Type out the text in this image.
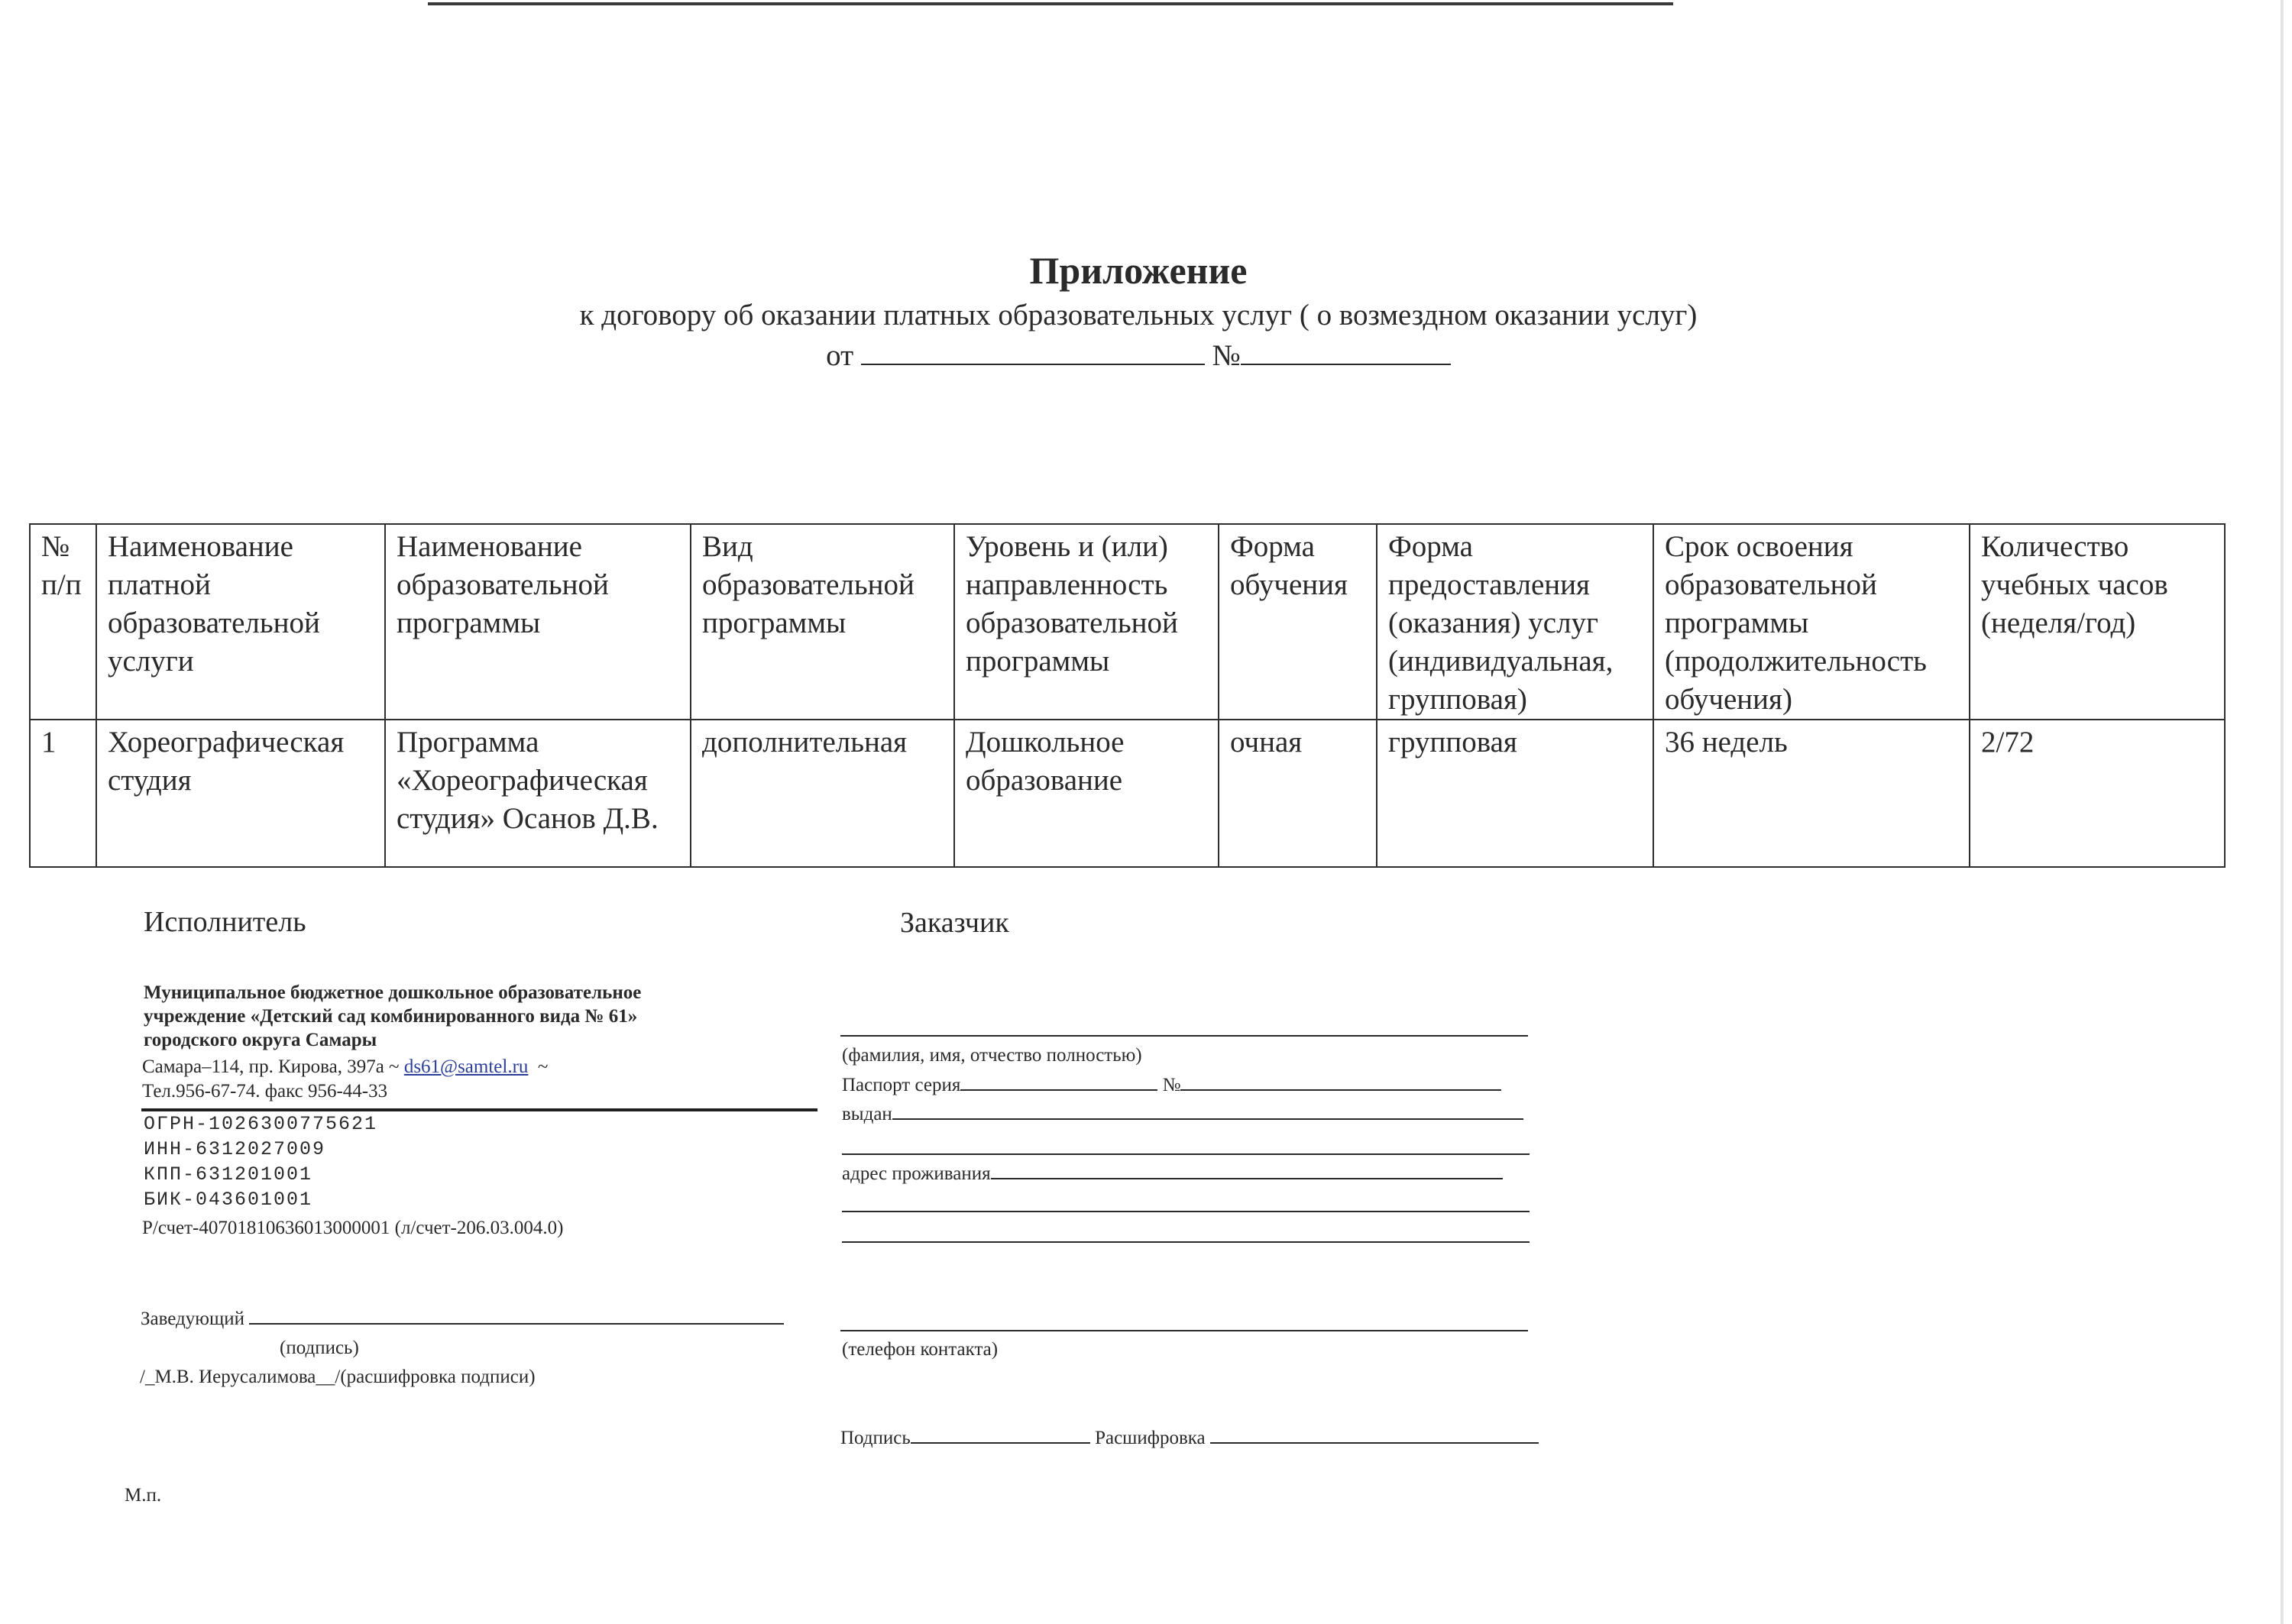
Приложение
к договору об оказании платных образовательных услуг ( о возмездном оказании услуг)
от	№
№ п/п	Наименование платной образовательной услуги	Наименование образовательной программы	Вид образовательной программы	Уровень и (или) направленность образовательной программы	Форма обучения	Форма предоставления (оказания) услуг (индивидуальная, групповая)	Срок освоения образовательной программы (продолжительность обучения)	Количество учебных часов (неделя/год)
1	Хореографическая студия	Программа «Хореографическая студия» Осанов Д.В.	дополнительная	Дошкольное образование	очная	групповая	36 недель	2/72
Исполнитель
Муниципальное бюджетное дошкольное образовательное
учреждение «Детский сад комбинированного вида № 61»
городского округа Самары
Самара–114, пр. Кирова, 397а ~ ds61@samtel.ru ~
Тел.956-67-74. факс 956-44-33
ОГРН-1026300775621
ИНН-6312027009
КПП-631201001
БИК-043601001
Р/счет-40701810636013000001 (л/счет-206.03.004.0)
Заведующий
(подпись)
/_М.В. Иерусалимова__/(расшифровка подписи)
М.п.
Заказчик
(фамилия, имя, отчество полностью)
Паспорт серия	№
выдан
адрес проживания
(телефон контакта)
Подпись	Расшифровка
